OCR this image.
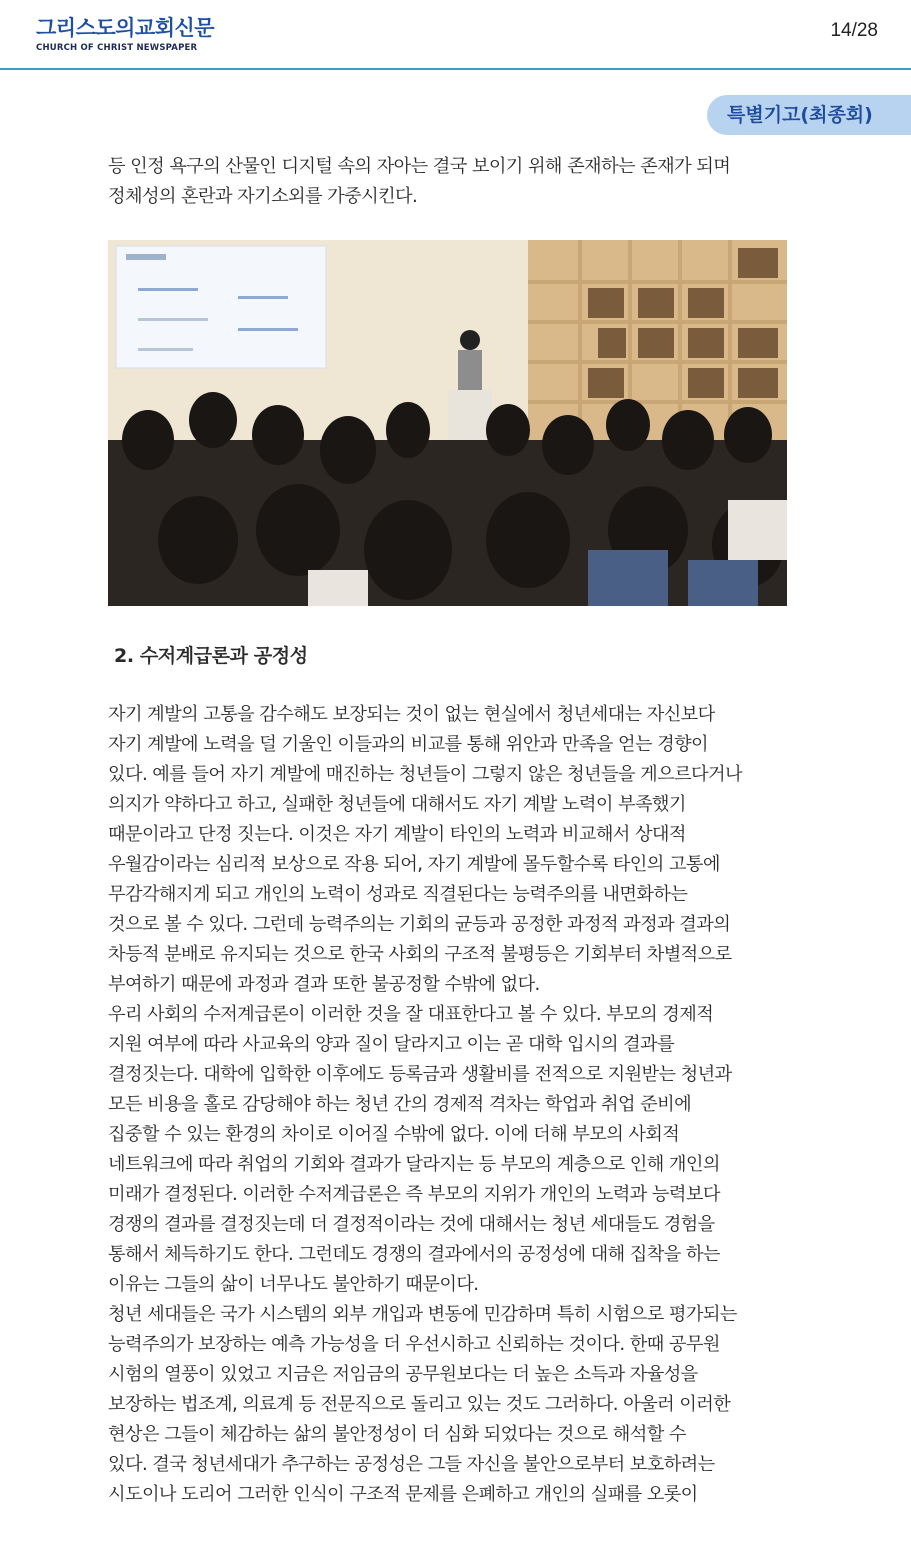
그리스도의교회신문
CHURCH OF CHRIST NEWSPAPER
14/28
특별기고(최종회)
등 인정 욕구의 산물인 디지털 속의 자아는 결국 보이기 위해 존재하는 존재가 되며
정체성의 혼란과 자기소외를 가중시킨다.
2. 수저계급론과 공정성
자기 계발의 고통을 감수해도 보장되는 것이 없는 현실에서 청년세대는 자신보다
자기 계발에 노력을 덜 기울인 이들과의 비교를 통해 위안과 만족을 얻는 경향이
있다. 예를 들어 자기 계발에 매진하는 청년들이 그렇지 않은 청년들을 게으르다거나
의지가 약하다고 하고, 실패한 청년들에 대해서도 자기 계발 노력이 부족했기
때문이라고 단정 짓는다. 이것은 자기 계발이 타인의 노력과 비교해서 상대적
우월감이라는 심리적 보상으로 작용 되어, 자기 계발에 몰두할수록 타인의 고통에
무감각해지게 되고 개인의 노력이 성과로 직결된다는 능력주의를 내면화하는
것으로 볼 수 있다. 그런데 능력주의는 기회의 균등과 공정한 과정적 과정과 결과의
차등적 분배로 유지되는 것으로 한국 사회의 구조적 불평등은 기회부터 차별적으로
부여하기 때문에 과정과 결과 또한 불공정할 수밖에 없다.
우리 사회의 수저계급론이 이러한 것을 잘 대표한다고 볼 수 있다. 부모의 경제적
지원 여부에 따라 사교육의 양과 질이 달라지고 이는 곧 대학 입시의 결과를
결정짓는다. 대학에 입학한 이후에도 등록금과 생활비를 전적으로 지원받는 청년과
모든 비용을 홀로 감당해야 하는 청년 간의 경제적 격차는 학업과 취업 준비에
집중할 수 있는 환경의 차이로 이어질 수밖에 없다. 이에 더해 부모의 사회적
네트워크에 따라 취업의 기회와 결과가 달라지는 등 부모의 계층으로 인해 개인의
미래가 결정된다. 이러한 수저계급론은 즉 부모의 지위가 개인의 노력과 능력보다
경쟁의 결과를 결정짓는데 더 결정적이라는 것에 대해서는 청년 세대들도 경험을
통해서 체득하기도 한다. 그런데도 경쟁의 결과에서의 공정성에 대해 집착을 하는
이유는 그들의 삶이 너무나도 불안하기 때문이다.
청년 세대들은 국가 시스템의 외부 개입과 변동에 민감하며 특히 시험으로 평가되는
능력주의가 보장하는 예측 가능성을 더 우선시하고 신뢰하는 것이다. 한때 공무원
시험의 열풍이 있었고 지금은 저임금의 공무원보다는 더 높은 소득과 자율성을
보장하는 법조계, 의료계 등 전문직으로 돌리고 있는 것도 그러하다. 아울러 이러한
현상은 그들이 체감하는 삶의 불안정성이 더 심화 되었다는 것으로 해석할 수
있다. 결국 청년세대가 추구하는 공정성은 그들 자신을 불안으로부터 보호하려는
시도이나 도리어 그러한 인식이 구조적 문제를 은폐하고 개인의 실패를 오롯이
